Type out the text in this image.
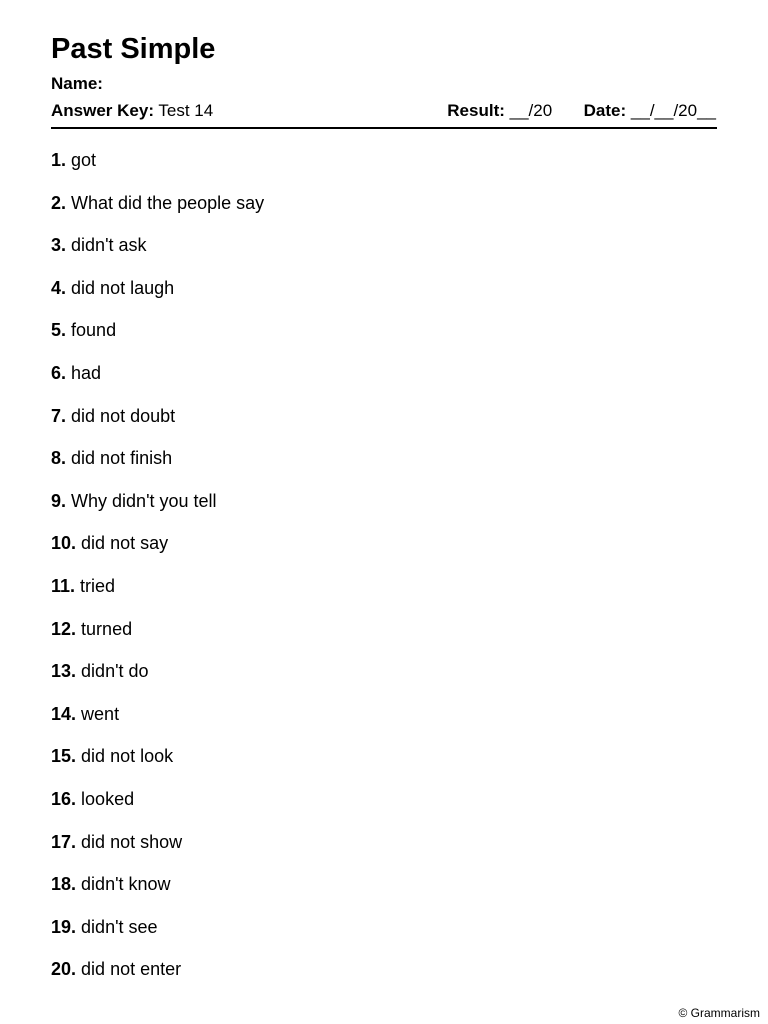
Past Simple
Name:
Answer Key: Test 14	Result: __/20 Date: __/__/20__
1. got
2. What did the people say
3. didn't ask
4. did not laugh
5. found
6. had
7. did not doubt
8. did not finish
9. Why didn't you tell
10. did not say
11. tried
12. turned
13. didn't do
14. went
15. did not look
16. looked
17. did not show
18. didn't know
19. didn't see
20. did not enter
© Grammarism
